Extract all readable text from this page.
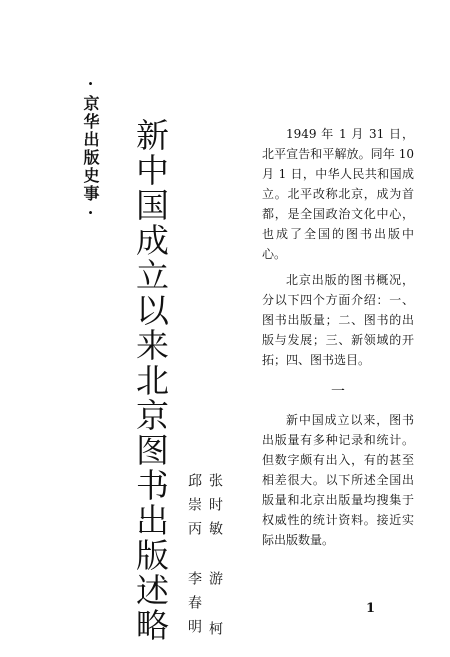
·京华出版史事· 新中国成立以来北京图书出版述略	张时敏 游 柯
邱崇丙 李春明

1949 年 1 月 31 日，北平宣告和平解放。同年 10 月 1 日，中华人民共和国成立。北平改称北京，成为首都，是全国政治文化中心，也成了全国的图书出版中心。

北京出版的图书概况，分以下四个方面介绍：一、图书出版量；二、图书的出版与发展；三、新领域的开拓；四、图书选目。

一

新中国成立以来，图书出版量有多种记录和统计。但数字颇有出入，有的甚至相差很大。以下所述全国出版量和北京出版量均搜集于权威性的统计资料。接近实际出版数量。

1
